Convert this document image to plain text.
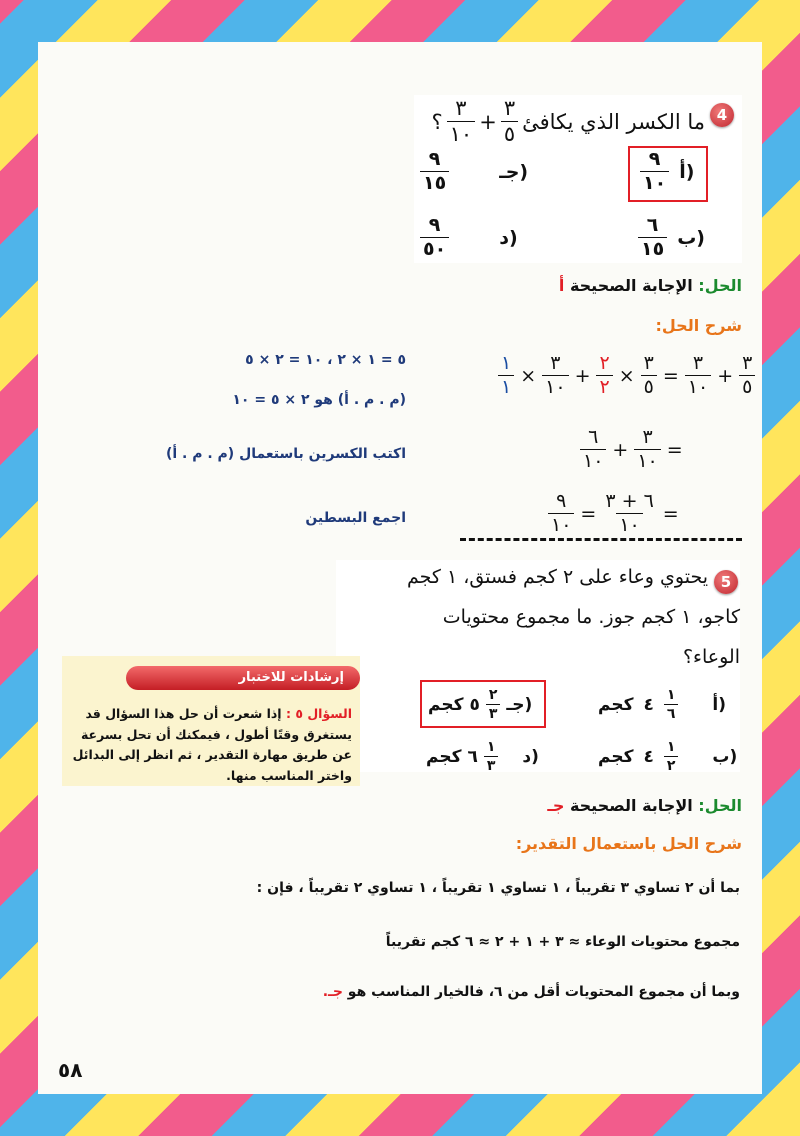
4
؟ $\frac{٣}{١٠} + \frac{٣}{٥}$ ما الكسر الذي يكافئ
$\frac{٩}{١٠}$ أ)
$\frac{٩}{١٥}$	جـ)
$\frac{٦}{١٥}$ ب)
$\frac{٩}{٥٠}$	د)
الحل: الإجابة الصحيحة أ
شرح الحل:
$\frac{١}{١} \times \frac{٣}{١٠} + \frac{٢}{٢} \times \frac{٣}{٥} = \frac{٣}{١٠} + \frac{٣}{٥}$
٥ = ١ × ٢ ، ١٠ = ٢ × ٥
(م . م . أ) هو ٢ × ٥ = ١٠
$\frac{٦}{١٠} + \frac{٣}{١٠}$ =
اكتب الكسرين باستعمال (م . م . أ)
$\frac{٩}{١٠} = \frac{٦ + ٣}{١٠}$ =
اجمع البسطين
5
يحتوي وعاء على ٢ كجم فستق، ١ كجم
كاجو، ١ كجم جوز. ما مجموع محتويات
الوعاء؟
كجم ٤ $\frac{١}{٦}$ أ)
كجم ٥ $\frac{٢}{٣}$ جـ)
كجم ٤ $\frac{١}{٢}$ ب)
كجم ٦ $\frac{١}{٣}$ د)
إرشادات للاختبار
السؤال ٥ : إذا شعرت أن حل هذا السؤال قد يستغرق وقتًا أطول ، فيمكنك أن تحل بسرعة عن طريق مهارة التقدير ، ثم انظر إلى البدائل واختر المناسب منها.
الحل: الإجابة الصحيحة جـ
شرح الحل باستعمال التقدير:
بما أن ٢ تساوي ٣ تقريباً ، ١ تساوي ١ تقريباً ، ١ تساوي ٢ تقريباً ، فإن :
مجموع محتويات الوعاء ≈ ٣ + ١ + ٢ ≈ ٦ كجم تقريباً
وبما أن مجموع المحتويات أقل من ٦، فالخيار المناسب هو جـ.
٥٨
